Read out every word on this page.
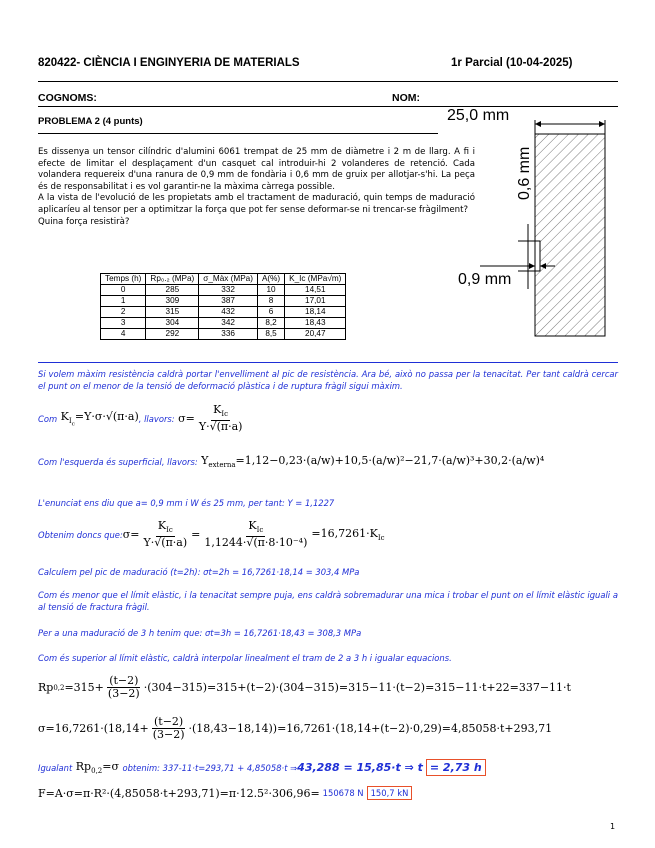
820422- CIÈNCIA I ENGINYERIA DE MATERIALS	1r Parcial (10-04-2025)
COGNOMS:	NOM:
PROBLEMA 2 (4 punts)
Es dissenya un tensor cilíndric d'alumini 6061 trempat de 25 mm de diàmetre i 2 m de llarg. A fi i efecte de limitar el desplaçament d'un casquet cal introduir-hi 2 volanderes de retenció. Cada volandera requereix d'una ranura de 0,9 mm de fondària i 0,6 mm de gruix per allotjar-s'hi. La peça és de responsabilitat i es vol garantir-ne la màxima càrrega possible.
A la vista de l'evolució de les propietats amb el tractament de maduració, quin temps de maduració aplicaríeu al tensor per a optimitzar la força que pot fer sense deformar-se ni trencar-se fràgilment?
Quina força resistirà?
25,0 mm
0,6 mm
0,9 mm
Temps (h)	Rp₀.₂ (MPa)	σ_Màx (MPa)	A(%)	K_Ic (MPa√m)
0	285	332	10	14,51
1	309	387	8	17,01
2	315	432	6	18,14
3	304	342	8,2	18,43
4	292	336	8,5	20,47
Si volem màxim resistència caldrà portar l'envelliment al pic de resistència. Ara bé, això no passa per la tenacitat. Per tant caldrà cercar el punt on el menor de la tensió de deformació plàstica i de ruptura fràgil sigui màxim.
Com $K_{I_c}=Y\cdot\sigma\cdot√(\pi\cdot a)$ , llavors: $\sigma= \frac{K_{Ic}}{Y\cdot√(\pi\cdot a)}$
Com l'esquerda és superficial, llavors: $Y_{externa}=1,12-0,23\cdot(a/w)+10,5\cdot(a/w)^2-21,7\cdot(a/w)^3+30,2\cdot(a/w)^4$
L'enunciat ens diu que a= 0,9 mm i W és 25 mm, per tant: Y = 1,1227
Obtenim doncs que: $\sigma= \frac{K_{Ic}}{Y\cdot√(\pi\cdot a)} = \frac{K_{Ic}}{\text{1,1244·√(π·8·10⁻⁴)}} =16,7261\cdot K_{Ic}$
Calculem pel pic de maduració (t=2h): σt=2h = 16,7261·18,14 = 303,4 MPa
Com és menor que el límit elàstic, i la tenacitat sempre puja, ens caldrà sobremadurar una mica i trobar el punt on el límit elàstic iguali a al tensió de fractura fràgil.
Per a una maduració de 3 h tenim que: σt=3h = 16,7261·18,43 = 308,3 MPa
Com és superior al límit elàstic, caldrà interpolar linealment el tram de 2 a 3 h i igualar equacions.
Rp $0,2 =315+ \frac{(t-2)}{(3-2)} \cdot(304-315)=315+(t-2)\cdot(304-315)=315-11\cdot(t-2)=315-11\cdot t+22=337-11\cdot t$
$\sigma=16,7261\cdot(18,14+ \frac{(t-2)}{(3-2)} \cdot(18,43-18,14))=16,7261\cdot(18,14+(t-2)\cdot 0,29)=4,85058\cdot t+293,71$
Igualant $Rp_{0,2}=\sigma$ obtenim: 337-11·t=293,71 + 4,85058·t ⇒ 43,288 = 15,85·t ⇒ t = 2,73 h
F=A·σ=π·R²·(4,85058·t+293,71)=π·12.5²·306,96= 150678 N 150,7 kN
1
